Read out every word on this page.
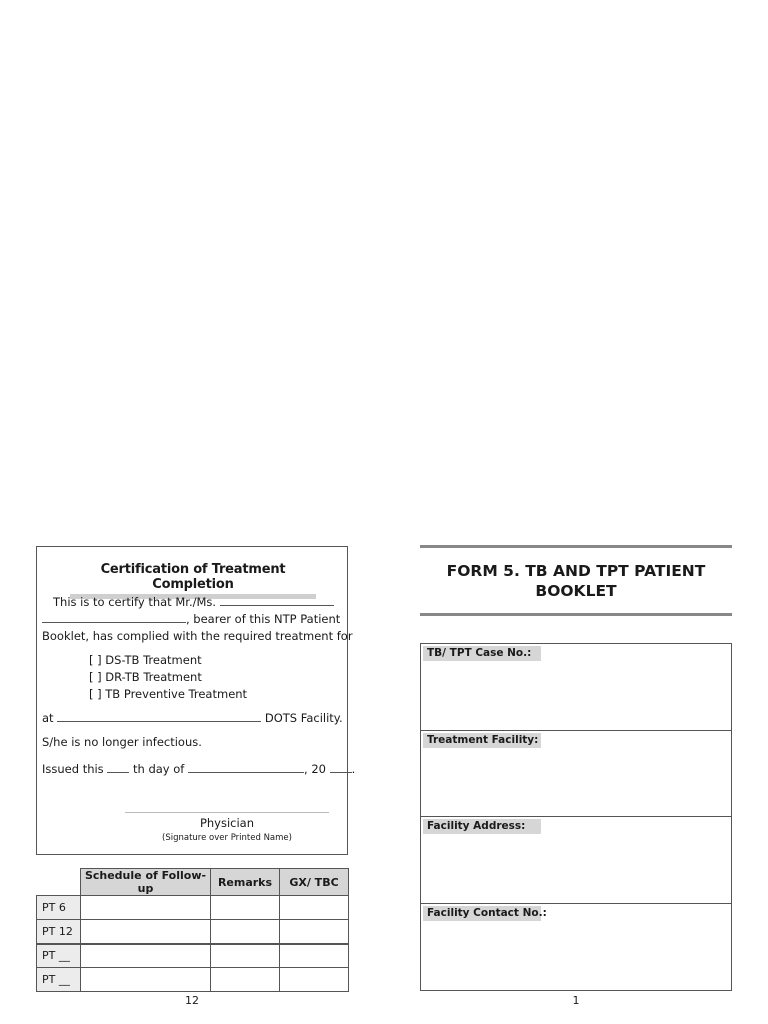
Certification of Treatment Completion
This is to certify that Mr./Ms.
, bearer of this NTP Patient
Booklet, has complied with the required treatment for
[ ] DS-TB Treatment
[ ] DR-TB Treatment
[ ] TB Preventive Treatment
at	DOTS Facility.
S/he is no longer infectious.
Issued this	th day of	, 20 .
Physician
(Signature over Printed Name)
	Schedule of Follow-up	Remarks	GX/ TBC
PT 6			
PT 12			
PT __			
PT __			
12
FORM 5. TB AND TPT PATIENT
BOOKLET
TB/ TPT Case No.:
Treatment Facility:
Facility Address:
Facility Contact No.:
1
